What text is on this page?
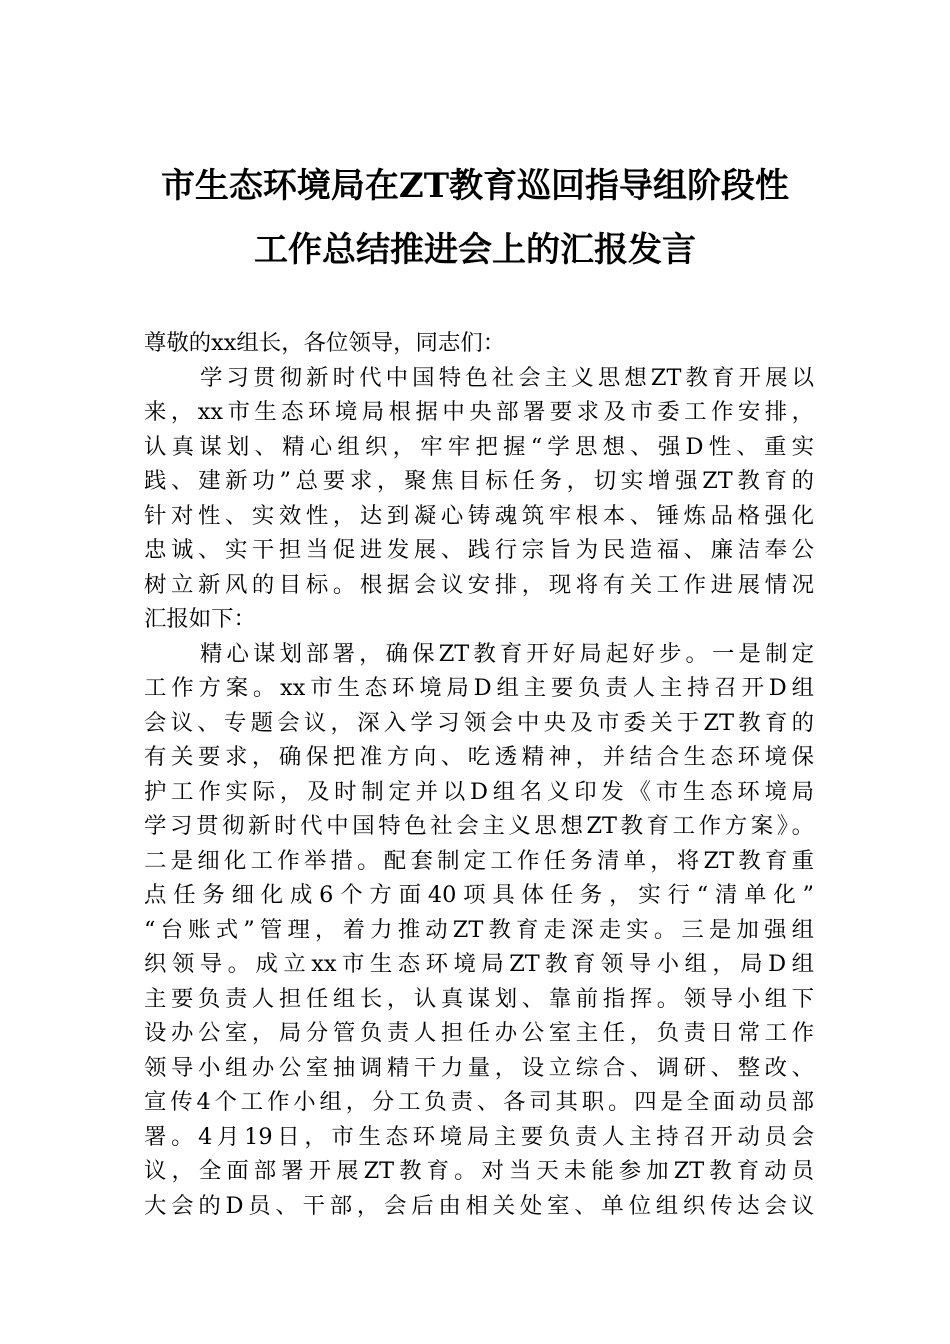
市生态环境局在ZT教育巡回指导组阶段性
工作总结推进会上的汇报发言
尊敬的xx组长，各位领导，同志们：
学习贯彻新时代中国特色社会主义思想ZT教育开展以
来，xx市生态环境局根据中央部署要求及市委工作安排，
认真谋划、精心组织，牢牢把握“学思想、强D性、重实
践、建新功”总要求，聚焦目标任务，切实增强ZT教育的
针对性、实效性，达到凝心铸魂筑牢根本、锤炼品格强化
忠诚、实干担当促进发展、践行宗旨为民造福、廉洁奉公
树立新风的目标。根据会议安排，现将有关工作进展情况
汇报如下：
精心谋划部署，确保ZT教育开好局起好步。一是制定
工作方案。xx市生态环境局D组主要负责人主持召开D组
会议、专题会议，深入学习领会中央及市委关于ZT教育的
有关要求，确保把准方向、吃透精神，并结合生态环境保
护工作实际，及时制定并以D组名义印发《市生态环境局
学习贯彻新时代中国特色社会主义思想ZT教育工作方案》。
二是细化工作举措。配套制定工作任务清单，将ZT教育重
点任务细化成6个方面40项具体任务，实行“清单化”
“台账式”管理，着力推动ZT教育走深走实。三是加强组
织领导。成立xx市生态环境局ZT教育领导小组，局D组
主要负责人担任组长，认真谋划、靠前指挥。领导小组下
设办公室，局分管负责人担任办公室主任，负责日常工作
领导小组办公室抽调精干力量，设立综合、调研、整改、
宣传4个工作小组，分工负责、各司其职。四是全面动员部
署。4月19日，市生态环境局主要负责人主持召开动员会
议，全面部署开展ZT教育。对当天未能参加ZT教育动员
大会的D员、干部，会后由相关处室、单位组织传达会议
